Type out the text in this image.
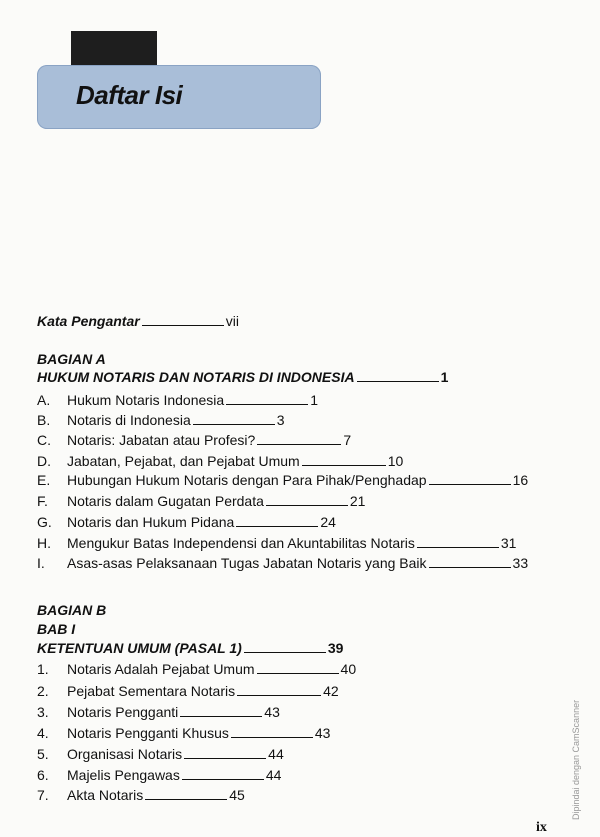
Daftar Isi
Kata Pengantar	vii
BAGIAN A
HUKUM NOTARIS DAN NOTARIS DI INDONESIA	1
A.	Hukum Notaris Indonesia	1
B.	Notaris di Indonesia	3
C.	Notaris: Jabatan atau Profesi?	7
D.	Jabatan, Pejabat, dan Pejabat Umum	10
E.	Hubungan Hukum Notaris dengan Para Pihak/Penghadap	16
F.	Notaris dalam Gugatan Perdata	21
G.	Notaris dan Hukum Pidana	24
H.	Mengukur Batas Independensi dan Akuntabilitas Notaris	31
I.	Asas-asas Pelaksanaan Tugas Jabatan Notaris yang Baik	33
BAGIAN B
BAB I
KETENTUAN UMUM (PASAL 1)	39
1.	Notaris Adalah Pejabat Umum	40
2.	Pejabat Sementara Notaris	42
3.	Notaris Pengganti	43
4.	Notaris Pengganti Khusus	43
5.	Organisasi Notaris	44
6.	Majelis Pengawas	44
7.	Akta Notaris	45
ix
Dipindai dengan CamScanner
